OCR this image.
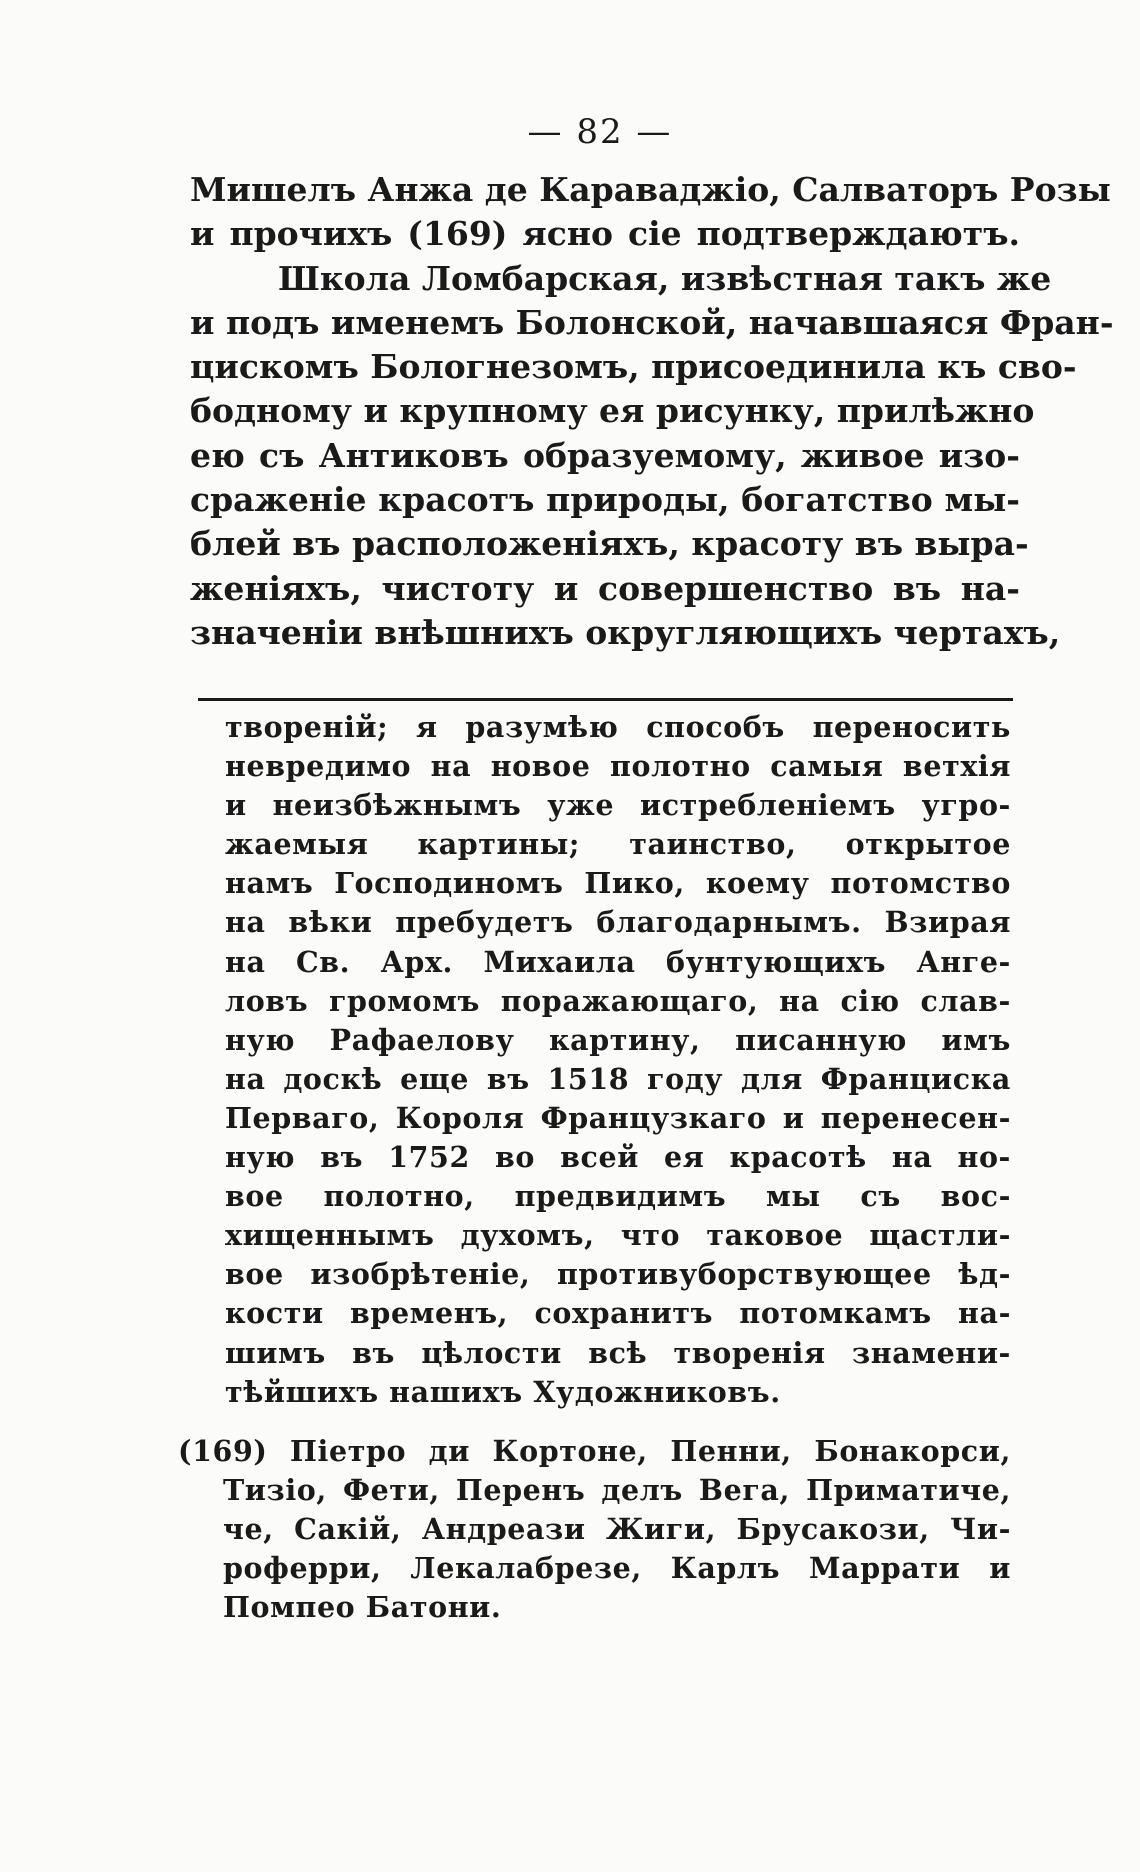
— 82 —
Мишелъ Анжа де Караваджіо, Салваторъ Розы
и прочихъ (169) ясно сіе подтверждаютъ.
Школа Ломбарская, извѣстная такъ же
и подъ именемъ Болонской, начавшаяся Фран-
цискомъ Бологнезомъ, присоединила къ сво-
бодному и крупному ея рисунку, прилѣжно
ею съ Антиковъ образуемому, живое изо-
сраженіе красотъ природы, богатство мы-
блей въ расположеніяхъ, красоту въ выра-
женіяхъ, чистоту и совершенство въ на-
значеніи внѣшнихъ округляющихъ чертахъ,
твореній; я разумѣю способъ переносить
невредимо на новое полотно самыя ветхія
и неизбѣжнымъ уже истребленіемъ угро-
жаемыя картины; таинство, открытое
намъ Господиномъ Пико, коему потомство
на вѣки пребудетъ благодарнымъ. Взирая
на Св. Арх. Михаила бунтующихъ Анге-
ловъ громомъ поражающаго, на сію слав-
ную Рафаелову картину, писанную имъ
на доскѣ еще въ 1518 году для Франциска
Перваго, Короля Французкаго и перенесен-
ную въ 1752 во всей ея красотѣ на но-
вое полотно, предвидимъ мы съ вос-
хищеннымъ духомъ, что таковое щастли-
вое изобрѣтеніе, противуборствующее ѣд-
кости временъ, сохранитъ потомкамъ на-
шимъ въ цѣлости всѣ творенія знамени-
тѣйшихъ нашихъ Художниковъ.
(169) Піетро ди Кортоне, Пенни, Бонакорси,
Тизіо, Фети, Перенъ делъ Вега, Приматиче,
че, Сакій, Андреази Жиги, Брусакози, Чи-
роферри, Лекалабрезе, Карлъ Маррати и
Помпео Батони.
